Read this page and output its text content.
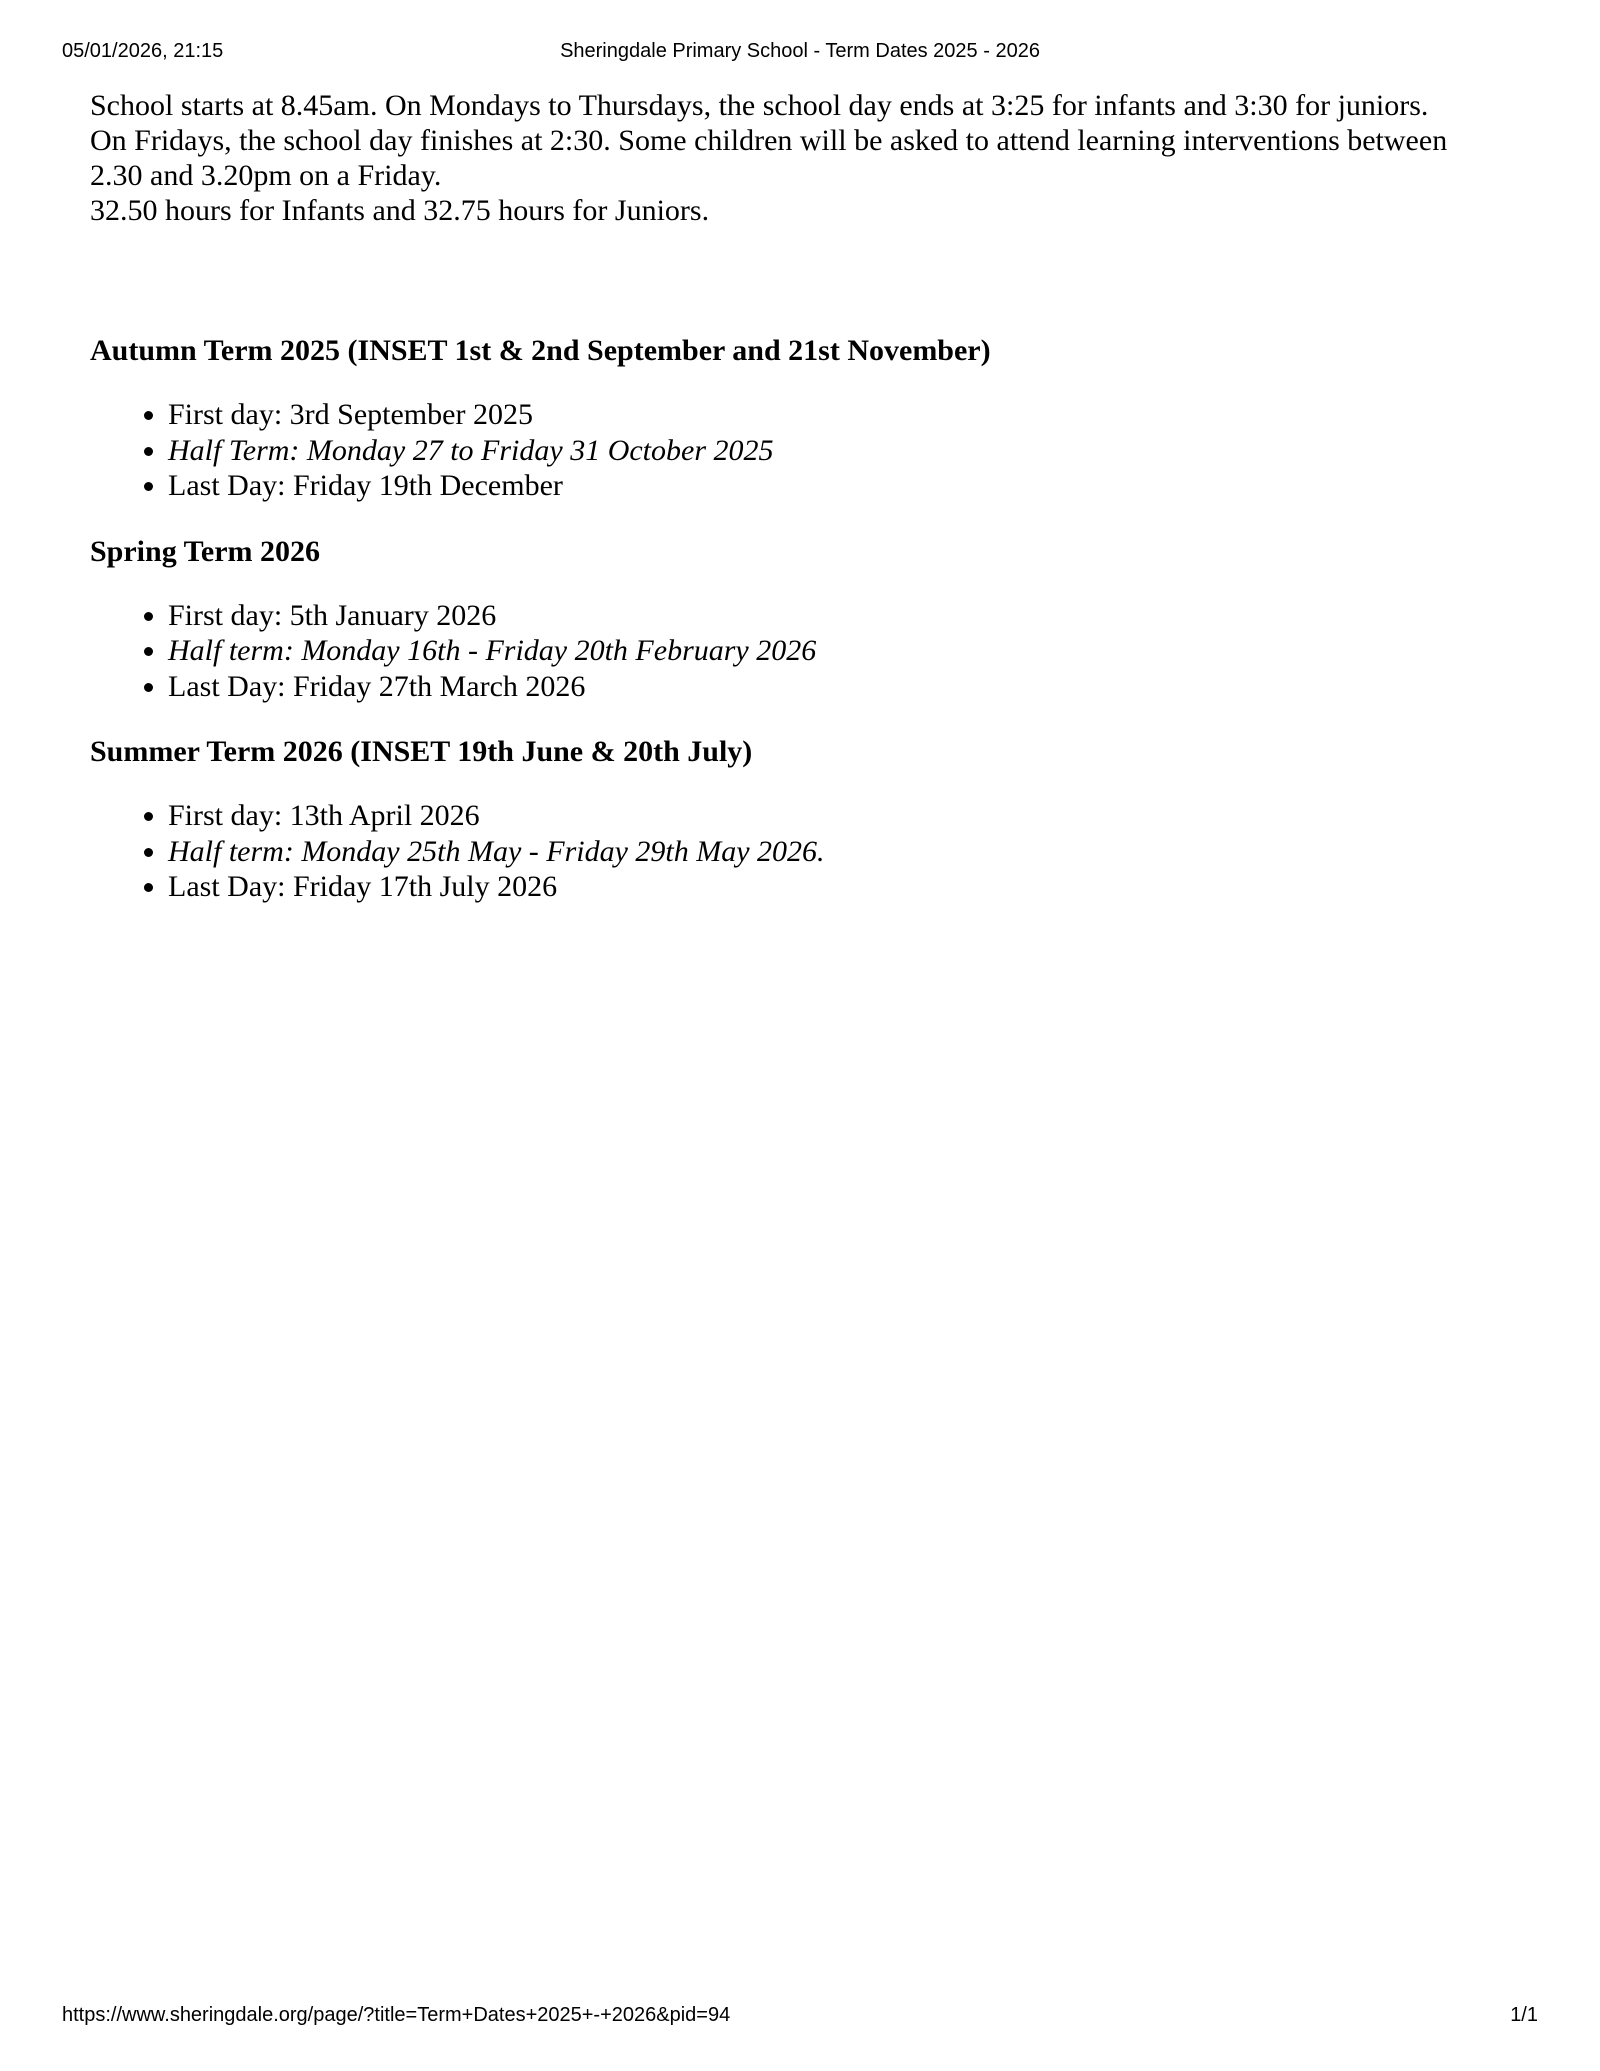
05/01/2026, 21:15	Sheringdale Primary School - Term Dates 2025 - 2026

School starts at 8.45am. On Mondays to Thursdays, the school day ends at 3:25 for infants and 3:30 for juniors.

On Fridays, the school day finishes at 2:30. Some children will be asked to attend learning interventions between

2.30 and 3.20pm on a Friday.

32.50 hours for Infants and 32.75 hours for Juniors.

Autumn Term 2025 (INSET 1st & 2nd September and 21st November)
• First day: 3rd September 2025
• Half Term: Monday 27 to Friday 31 October 2025
• Last Day: Friday 19th December
Spring Term 2026
• First day: 5th January 2026
• Half term: Monday 16th - Friday 20th February 2026
• Last Day: Friday 27th March 2026
Summer Term 2026 (INSET 19th June & 20th July)
• First day: 13th April 2026
• Half term: Monday 25th May - Friday 29th May 2026.
• Last Day: Friday 17th July 2026
https://www.sheringdale.org/page/?title=Term+Dates+2025+-+2026&pid=94	1/1
